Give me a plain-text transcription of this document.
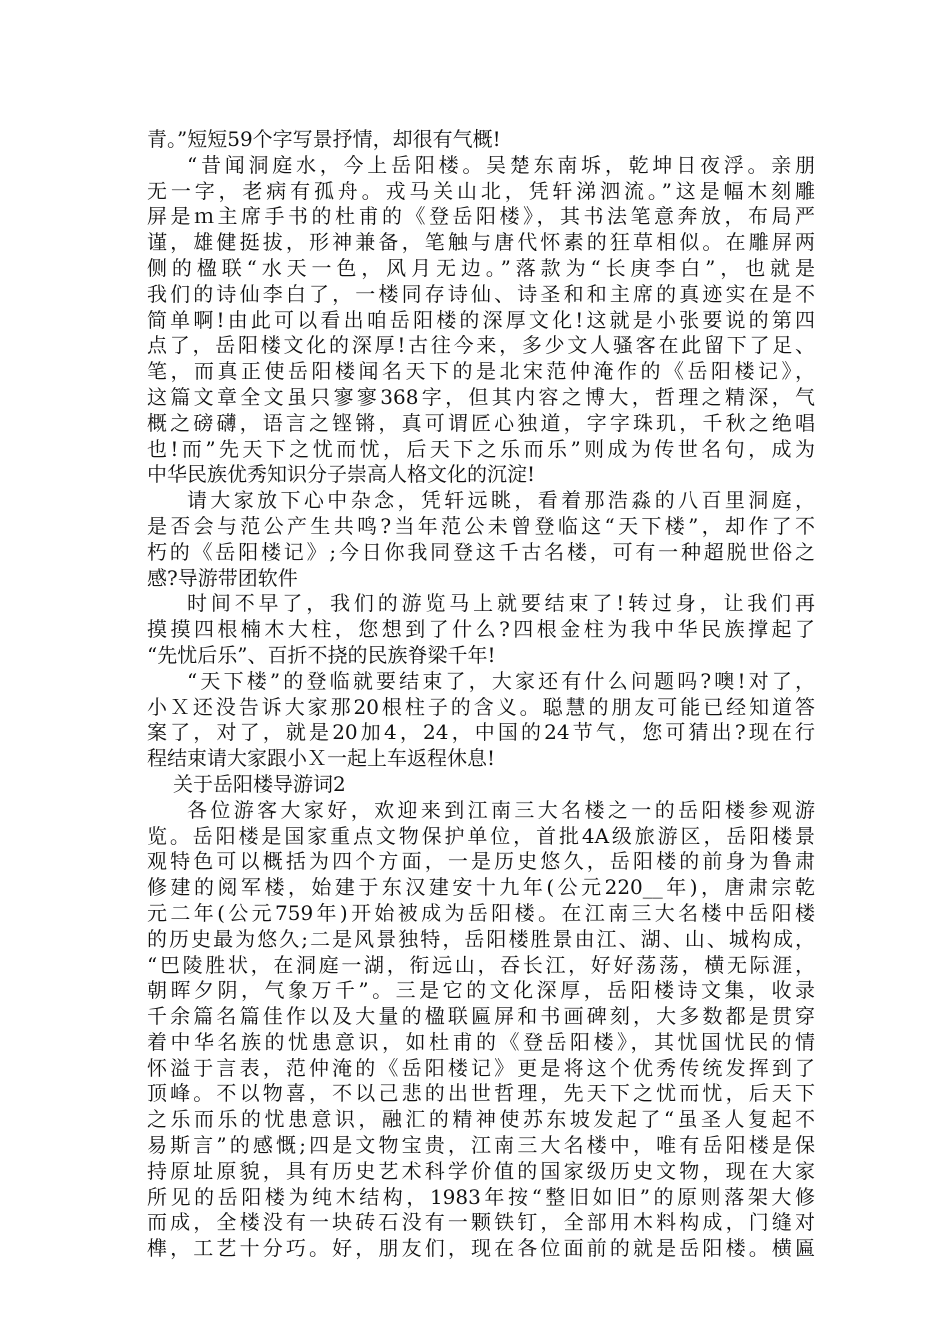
青。”短短59个字写景抒情，却很有气概!
“昔闻洞庭水，今上岳阳楼。吴楚东南坼，乾坤日夜浮。亲朋
无一字，老病有孤舟。戎马关山北，凭轩涕泗流。”这是幅木刻雕
屏是ｍ主席手书的杜甫的《登岳阳楼》，其书法笔意奔放，布局严
谨，雄健挺拔，形神兼备，笔触与唐代怀素的狂草相似。在雕屏两
侧的楹联“水天一色，风月无边。”落款为“长庚李白”，也就是
我们的诗仙李白了，一楼同存诗仙、诗圣和和主席的真迹实在是不
简单啊!由此可以看出咱岳阳楼的深厚文化!这就是小张要说的第四
点了，岳阳楼文化的深厚!古往今来，多少文人骚客在此留下了足、
笔，而真正使岳阳楼闻名天下的是北宋范仲淹作的《岳阳楼记》，
这篇文章全文虽只寥寥368字，但其内容之博大，哲理之精深，气
概之磅礴，语言之铿锵，真可谓匠心独道，字字珠玑，千秋之绝唱
也!而”先天下之忧而忧，后天下之乐而乐”则成为传世名句，成为
中华民族优秀知识分子崇高人格文化的沉淀!
请大家放下心中杂念，凭轩远眺，看着那浩淼的八百里洞庭，
是否会与范公产生共鸣?当年范公未曾登临这“天下楼”，却作了不
朽的《岳阳楼记》;今日你我同登这千古名楼，可有一种超脱世俗之
感?导游带团软件
时间不早了，我们的游览马上就要结束了!转过身，让我们再
摸摸四根楠木大柱，您想到了什么?四根金柱为我中华民族撑起了
“先忧后乐”、百折不挠的民族脊梁千年!
“天下楼”的登临就要结束了，大家还有什么问题吗?噢!对了，
小Ｘ还没告诉大家那20根柱子的含义。聪慧的朋友可能已经知道答
案了，对了，就是20加4，24，中国的24节气，您可猜出?现在行
程结束请大家跟小Ｘ一起上车返程休息!
关于岳阳楼导游词2
各位游客大家好，欢迎来到江南三大名楼之一的岳阳楼参观游
览。岳阳楼是国家重点文物保护单位，首批4A级旅游区，岳阳楼景
观特色可以概括为四个方面，一是历史悠久，岳阳楼的前身为鲁肃
修建的阅军楼，始建于东汉建安十九年(公元220__年)，唐肃宗乾
元二年(公元759年)开始被成为岳阳楼。在江南三大名楼中岳阳楼
的历史最为悠久;二是风景独特，岳阳楼胜景由江、湖、山、城构成，
“巴陵胜状，在洞庭一湖，衔远山，吞长江，好好荡荡，横无际涯，
朝晖夕阴，气象万千”。三是它的文化深厚，岳阳楼诗文集，收录
千余篇名篇佳作以及大量的楹联匾屏和书画碑刻，大多数都是贯穿
着中华名族的忧患意识，如杜甫的《登岳阳楼》，其忧国忧民的情
怀溢于言表，范仲淹的《岳阳楼记》更是将这个优秀传统发挥到了
顶峰。不以物喜，不以己悲的出世哲理，先天下之忧而忧，后天下
之乐而乐的忧患意识，融汇的精神使苏东坡发起了“虽圣人复起不
易斯言”的感慨;四是文物宝贵，江南三大名楼中，唯有岳阳楼是保
持原址原貌，具有历史艺术科学价值的国家级历史文物，现在大家
所见的岳阳楼为纯木结构，1983年按“整旧如旧”的原则落架大修
而成，全楼没有一块砖石没有一颗铁钉，全部用木料构成，门缝对
榫，工艺十分巧。好，朋友们，现在各位面前的就是岳阳楼。横匾
